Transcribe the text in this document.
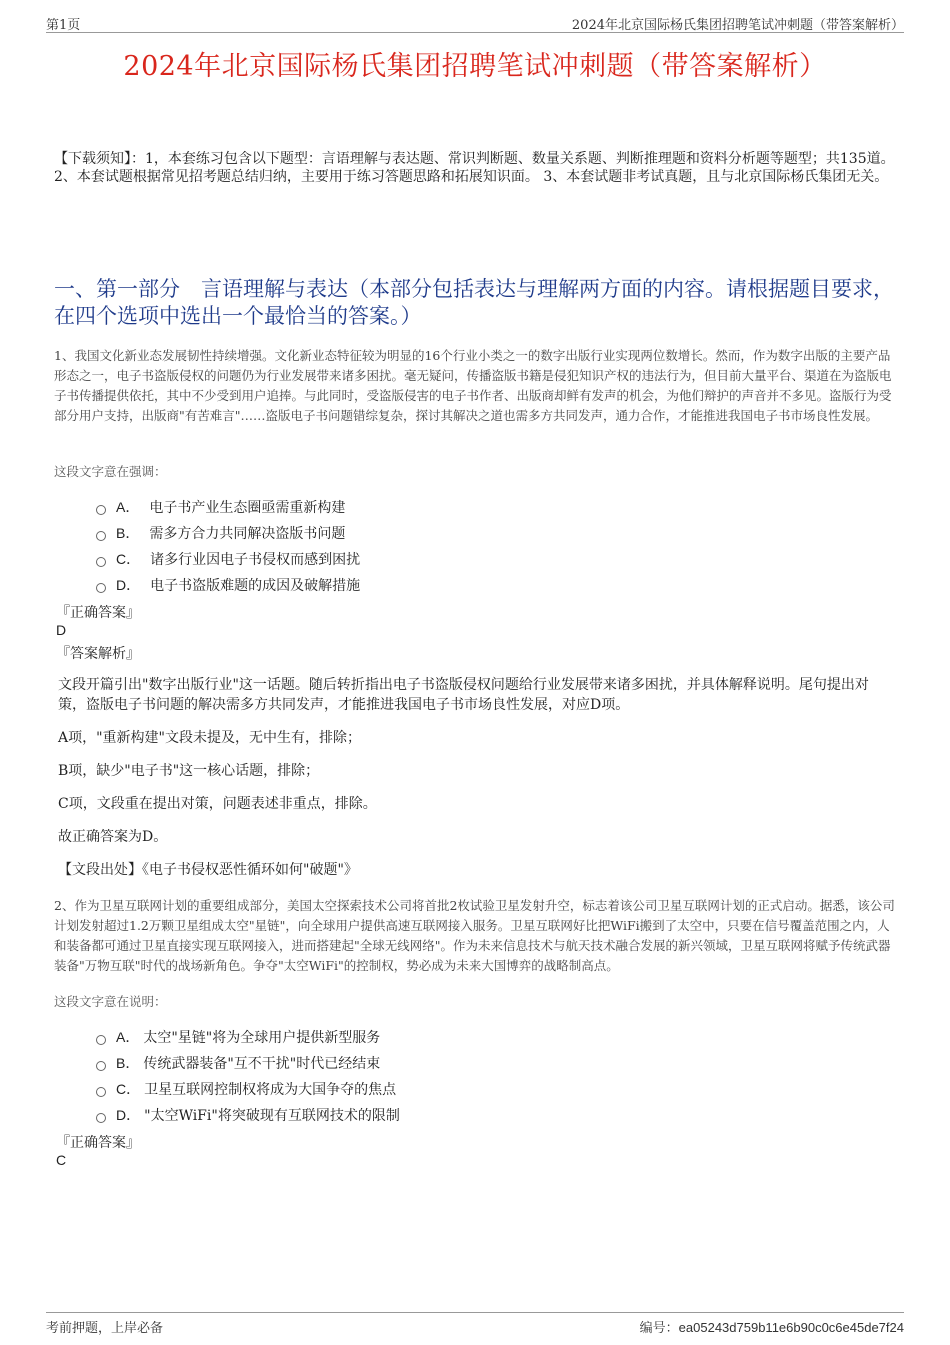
第1页	2024年北京国际杨氏集团招聘笔试冲刺题（带答案解析）
2024年北京国际杨氏集团招聘笔试冲刺题（带答案解析）
【下载须知】：1，本套练习包含以下题型：言语理解与表达题、常识判断题、数量关系题、判断推理题和资料分析题等题型；共135道。 2、本套试题根据常见招考题总结归纳，主要用于练习答题思路和拓展知识面。 3、本套试题非考试真题，且与北京国际杨氏集团无关。
一、第一部分　言语理解与表达（本部分包括表达与理解两方面的内容。请根据题目要求，在四个选项中选出一个最恰当的答案。）
1、我国文化新业态发展韧性持续增强。文化新业态特征较为明显的16个行业小类之一的数字出版行业实现两位数增长。然而，作为数字出版的主要产品形态之一，电子书盗版侵权的问题仍为行业发展带来诸多困扰。毫无疑问，传播盗版书籍是侵犯知识产权的违法行为，但目前大量平台、渠道在为盗版电子书传播提供依托，其中不少受到用户追捧。与此同时，受盗版侵害的电子书作者、出版商却鲜有发声的机会，为他们辩护的声音并不多见。盗版行为受部分用户支持，出版商"有苦难言"……盗版电子书问题错综复杂，探讨其解决之道也需多方共同发声，通力合作，才能推进我国电子书市场良性发展。
这段文字意在强调：
A． 电子书产业生态圈亟需重新构建
B． 需多方合力共同解决盗版书问题
C． 诸多行业因电子书侵权而感到困扰
D． 电子书盗版难题的成因及破解措施
『正确答案』
D
『答案解析』
文段开篇引出"数字出版行业"这一话题。随后转折指出电子书盗版侵权问题给行业发展带来诸多困扰，并具体解释说明。尾句提出对策，盗版电子书问题的解决需多方共同发声，才能推进我国电子书市场良性发展，对应D项。
A项，"重新构建"文段未提及，无中生有，排除；
B项，缺少"电子书"这一核心话题，排除；
C项，文段重在提出对策，问题表述非重点，排除。
故正确答案为D。
【文段出处】《电子书侵权恶性循环如何"破题"》
2、作为卫星互联网计划的重要组成部分，美国太空探索技术公司将首批2枚试验卫星发射升空，标志着该公司卫星互联网计划的正式启动。据悉，该公司计划发射超过1.2万颗卫星组成太空"星链"，向全球用户提供高速互联网接入服务。卫星互联网好比把WiFi搬到了太空中，只要在信号覆盖范围之内，人和装备都可通过卫星直接实现互联网接入，进而搭建起"全球无线网络"。作为未来信息技术与航天技术融合发展的新兴领域，卫星互联网将赋予传统武器装备"万物互联"时代的战场新角色。争夺"太空WiFi"的控制权，势必成为未来大国博弈的战略制高点。
这段文字意在说明：
A． 太空"星链"将为全球用户提供新型服务
B． 传统武器装备"互不干扰"时代已经结束
C． 卫星互联网控制权将成为大国争夺的焦点
D． "太空WiFi"将突破现有互联网技术的限制
『正确答案』
C
考前押题，上岸必备	编号：ea05243d759b11e6b90c0c6e45de7f24
